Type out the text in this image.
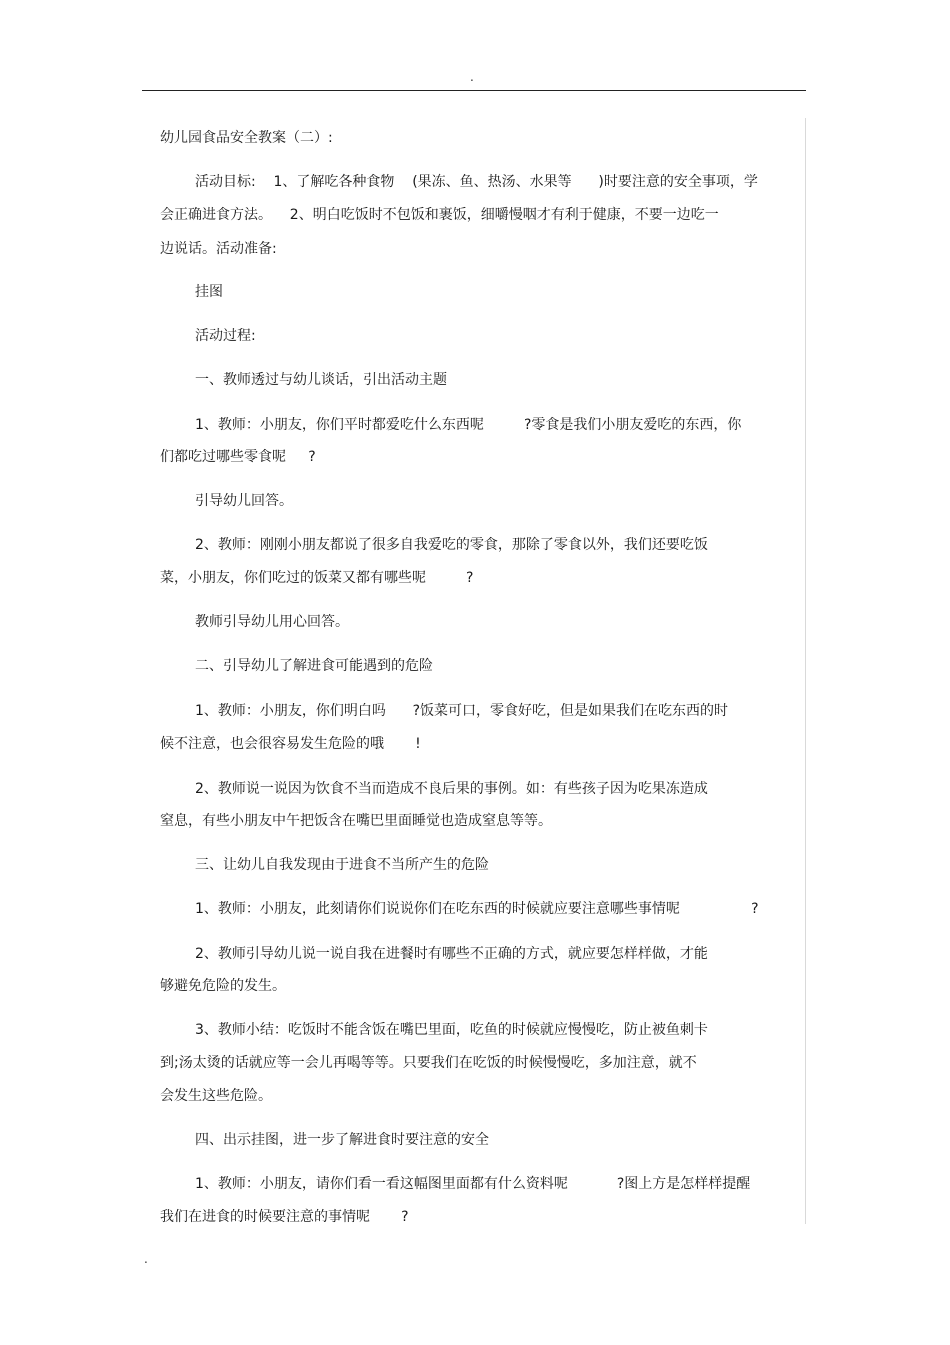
.
幼儿园食品安全教案（二）:
活动目标:    1、了解吃各种食物    (果冻、鱼、热汤、水果等      )时要注意的安全事项，学
会正确进食方法。    2、明白吃饭时不包饭和裹饭，细嚼慢咽才有利于健康，不要一边吃一
边说话。活动准备:
挂图
活动过程:
一、教师透过与幼儿谈话，引出活动主题
1、教师：小朋友，你们平时都爱吃什么东西呢         ?零食是我们小朋友爱吃的东西，你
们都吃过哪些零食呢     ?
引导幼儿回答。
2、教师：刚刚小朋友都说了很多自我爱吃的零食，那除了零食以外，我们还要吃饭
菜，小朋友，你们吃过的饭菜又都有哪些呢         ?
教师引导幼儿用心回答。
二、引导幼儿了解进食可能遇到的危险
1、教师：小朋友，你们明白吗      ?饭菜可口，零食好吃，但是如果我们在吃东西的时
候不注意，也会很容易发生危险的哦       !
2、教师说一说因为饮食不当而造成不良后果的事例。如：有些孩子因为吃果冻造成
窒息，有些小朋友中午把饭含在嘴巴里面睡觉也造成窒息等等。
三、让幼儿自我发现由于进食不当所产生的危险
1、教师：小朋友，此刻请你们说说你们在吃东西的时候就应要注意哪些事情呢                ?
2、教师引导幼儿说一说自我在进餐时有哪些不正确的方式，就应要怎样样做，才能
够避免危险的发生。
3、教师小结：吃饭时不能含饭在嘴巴里面，吃鱼的时候就应慢慢吃，防止被鱼刺卡
到;汤太烫的话就应等一会儿再喝等等。只要我们在吃饭的时候慢慢吃，多加注意，就不
会发生这些危险。
四、出示挂图，进一步了解进食时要注意的安全
1、教师：小朋友，请你们看一看这幅图里面都有什么资料呢           ?图上方是怎样样提醒
我们在进食的时候要注意的事情呢       ?
.
